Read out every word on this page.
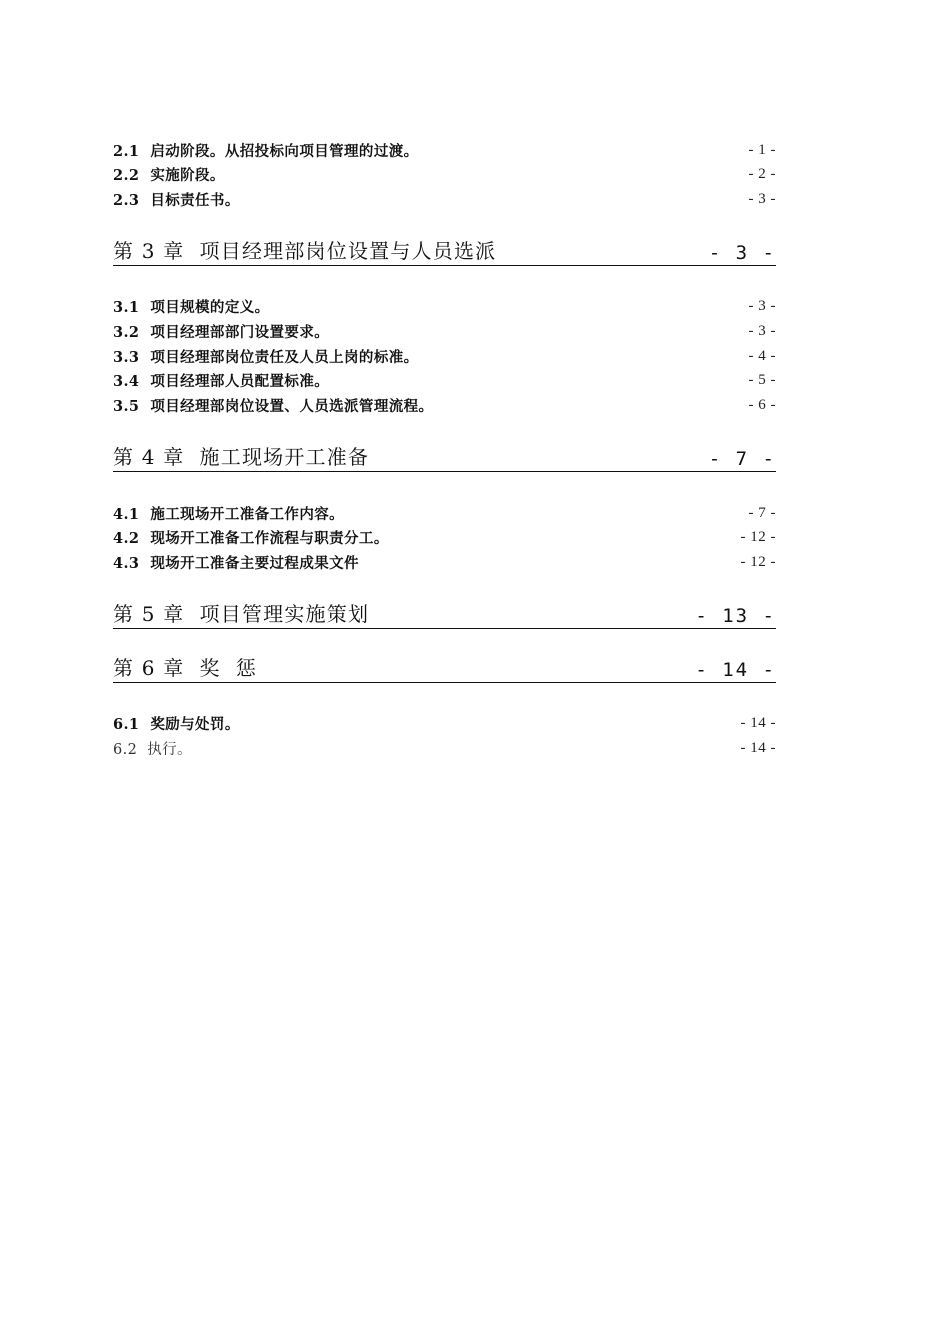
2.1  启动阶段。从招投标向项目管理的过渡。	- 1 -
2.2  实施阶段。	- 2 -
2.3  目标责任书。	- 3 -
第 3 章  项目经理部岗位设置与人员选派	- 3 -
3.1  项目规模的定义。	- 3 -
3.2  项目经理部部门设置要求。	- 3 -
3.3  项目经理部岗位责任及人员上岗的标准。	- 4 -
3.4  项目经理部人员配置标准。	- 5 -
3.5  项目经理部岗位设置、人员选派管理流程。	- 6 -
第 4 章  施工现场开工准备	- 7 -
4.1  施工现场开工准备工作内容。	- 7 -
4.2  现场开工准备工作流程与职责分工。	- 12 -
4.3  现场开工准备主要过程成果文件	- 12 -
第 5 章  项目管理实施策划	- 13 -
第 6 章  奖  惩	- 14 -
6.1  奖励与处罚。	- 14 -
6.2  执行。	- 14 -
